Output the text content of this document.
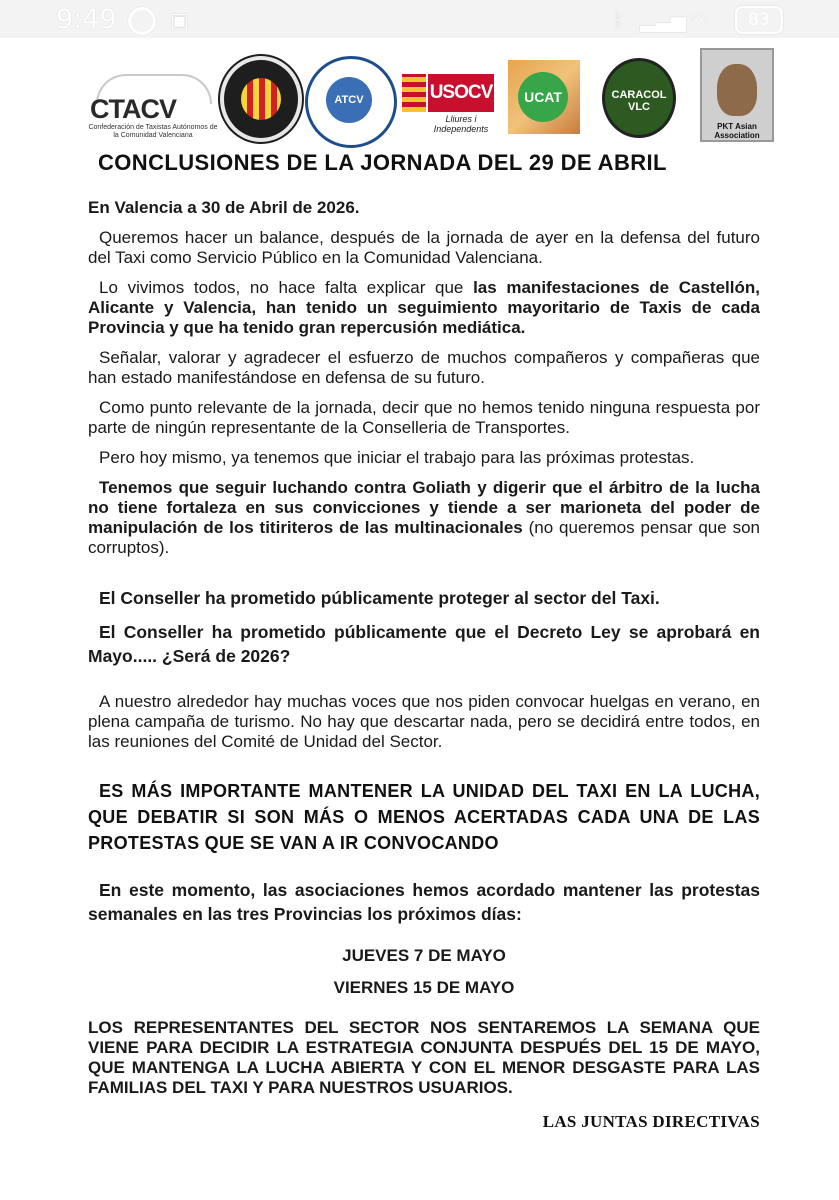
9:49	▣	ᛒ ▂▃▅ ◠	83
CTACV
Confederación de Taxistas Autónomos de la Comunidad Valenciana
ATCV	USOCV
Lliures i Independents
UCAT	CARACOL VLC
PKT Asian Association
CONCLUSIONES DE LA JORNADA DEL 29 DE ABRIL

En Valencia a 30 de Abril de 2026.

Queremos hacer un balance, después de la jornada de ayer en la defensa del futuro del Taxi como Servicio Público en la Comunidad Valenciana.

Lo vivimos todos, no hace falta explicar que las manifestaciones de Castellón, Alicante y Valencia, han tenido un seguimiento mayoritario de Taxis de cada Provincia y que ha tenido gran repercusión mediática.

Señalar, valorar y agradecer el esfuerzo de muchos compañeros y compañeras que han estado manifestándose en defensa de su futuro.

Como punto relevante de la jornada, decir que no hemos tenido ninguna respuesta por parte de ningún representante de la Conselleria de Transportes.

Pero hoy mismo, ya tenemos que iniciar el trabajo para las próximas protestas.

Tenemos que seguir luchando contra Goliath y digerir que el árbitro de la lucha no tiene fortaleza en sus convicciones y tiende a ser marioneta del poder de manipulación de los titiriteros de las multinacionales (no queremos pensar que son corruptos).

El Conseller ha prometido públicamente proteger al sector del Taxi.

El Conseller ha prometido públicamente que el Decreto Ley se aprobará en Mayo..... ¿Será de 2026?

A nuestro alrededor hay muchas voces que nos piden convocar huelgas en verano, en plena campaña de turismo. No hay que descartar nada, pero se decidirá entre todos, en las reuniones del Comité de Unidad del Sector.

ES MÁS IMPORTANTE MANTENER LA UNIDAD DEL TAXI EN LA LUCHA, QUE DEBATIR SI SON MÁS O MENOS ACERTADAS CADA UNA DE LAS PROTESTAS QUE SE VAN A IR CONVOCANDO

En este momento, las asociaciones hemos acordado mantener las protestas semanales en las tres Provincias los próximos días:

JUEVES 7 DE MAYO

VIERNES 15 DE MAYO

LOS REPRESENTANTES DEL SECTOR NOS SENTAREMOS LA SEMANA QUE VIENE PARA DECIDIR LA ESTRATEGIA CONJUNTA DESPUÉS DEL 15 DE MAYO, QUE MANTENGA LA LUCHA ABIERTA Y CON EL MENOR DESGASTE PARA LAS FAMILIAS DEL TAXI Y PARA NUESTROS USUARIOS.

LAS JUNTAS DIRECTIVAS
